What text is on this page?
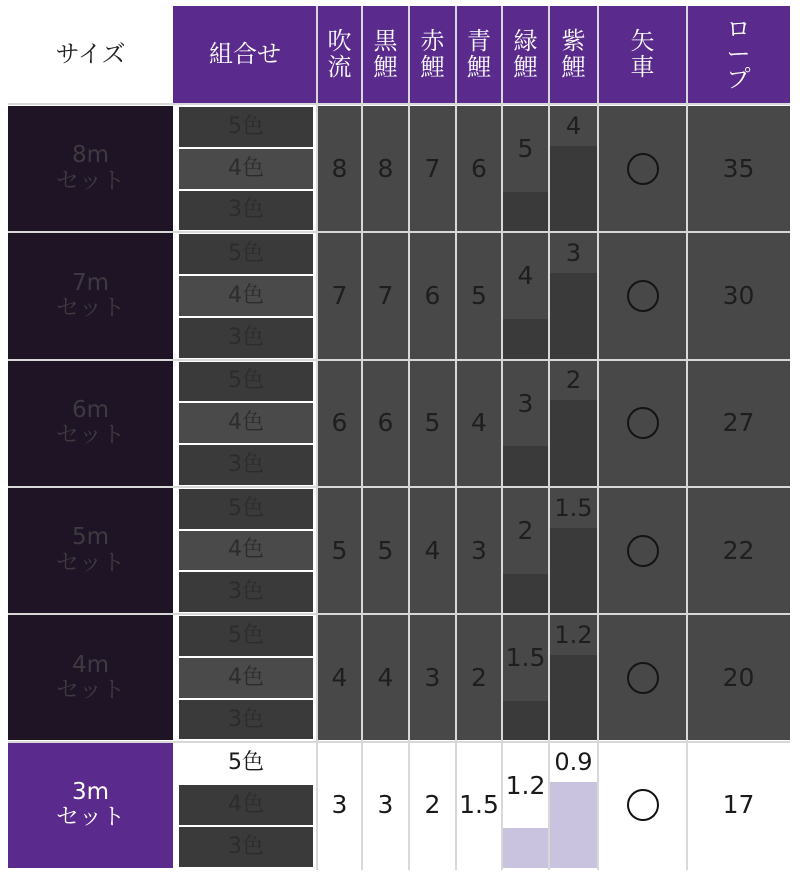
サイズ	組合せ 吹
流
黒
鯉
赤
鯉
青
鯉
緑
鯉
紫
鯉
矢
車
ロ
ー
プ
8m
セット
5色
4色
3色
8 8 7 6
5
4
35
7m
セット
5色
4色
3色
7 7 6 5
4
3
30
6m
セット
5色
4色
3色
6 6 5 4
3
2
27
5m
セット
5色
4色
3色
5 5 4 3
2
1.5
22
4m
セット
5色
4色
3色
4 4 3 2
1.5
1.2
20
3m
セット
5色
4色
3色
3 3 2 1.5
1.2
0.9
17
